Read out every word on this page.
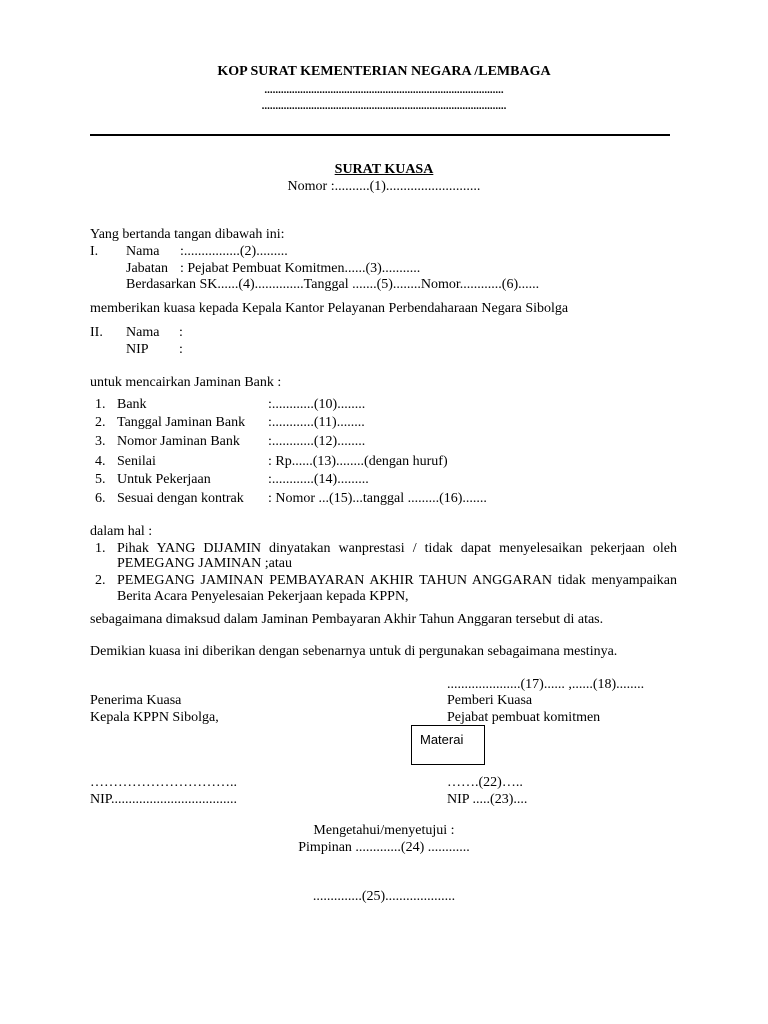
KOP SURAT KEMENTERIAN NEGARA /LEMBAGA
.......................................................................................
.........................................................................................
SURAT KUASA
Nomor :..........(1)...........................
Yang bertanda tangan dibawah ini:
I. Nama :................(2).........
Jabatan : Pejabat Pembuat Komitmen......(3)...........
Berdasarkan SK......(4)..............Tanggal .......(5)........Nomor............(6)......
memberikan kuasa kepada Kepala Kantor Pelayanan Perbendaharaan Negara Sibolga
II. Nama :
NIP :
untuk mencairkan Jaminan Bank :
1. Bank	:............(10)........
2. Tanggal Jaminan Bank :............(11)........
3. Nomor Jaminan Bank :............(12)........
4. Senilai	: Rp......(13)........(dengan huruf)
5. Untuk Pekerjaan	:............(14).........
6. Sesuai dengan kontrak : Nomor ...(15)...tanggal .........(16).......
dalam hal :
1. Pihak YANG DIJAMIN dinyatakan wanprestasi / tidak dapat menyelesaikan pekerjaan oleh
PEMEGANG JAMINAN ;atau
2. PEMEGANG JAMINAN PEMBAYARAN AKHIR TAHUN ANGGARAN tidak menyampaikan
Berita Acara Penyelesaian Pekerjaan kepada KPPN,
sebagaimana dimaksud dalam Jaminan Pembayaran Akhir Tahun Anggaran tersebut di atas.
Demikian kuasa ini diberikan dengan sebenarnya untuk di pergunakan sebagaimana mestinya.
.....................(17)...... ,......(18)........
Penerima Kuasa
Kepala KPPN Sibolga,
Pemberi Kuasa
Pejabat pembuat komitmen
Materai
…………………………..
NIP....................................
…….(22)…..
NIP .....(23)....
Mengetahui/menyetujui :
Pimpinan .............(24) ............
..............(25)....................
